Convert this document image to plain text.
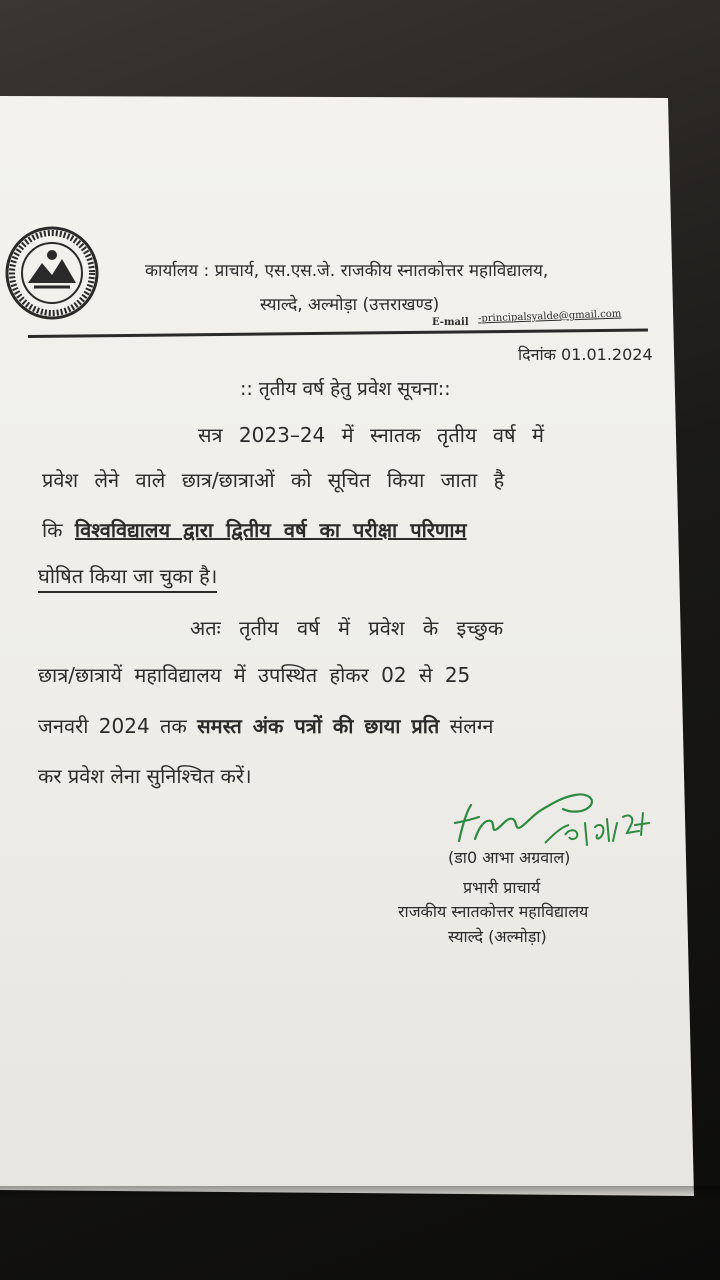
कार्यालय : प्राचार्य, एस.एस.जे. राजकीय स्नातकोत्तर महाविद्यालय,
स्याल्दे, अल्मोड़ा (उत्तराखण्ड)
E-mail -principalsyalde@gmail.com
दिनांक 01.01.2024
:: तृतीय वर्ष हेतु प्रवेश सूचना::
सत्र 2023–24 में स्नातक तृतीय वर्ष में
प्रवेश लेने वाले छात्र/छात्राओं को सूचित किया जाता है
कि विश्वविद्यालय द्वारा द्वितीय वर्ष का परीक्षा परिणाम
घोषित किया जा चुका है।
अतः तृतीय वर्ष में प्रवेश के इच्छुक
छात्र/छात्रायें महाविद्यालय में उपस्थित होकर 02 से 25
जनवरी 2024 तक समस्त अंक पत्रों की छाया प्रति संलग्न
कर प्रवेश लेना सुनिश्चित करें।
(डा0 आभा अग्रवाल)
प्रभारी प्राचार्य
राजकीय स्नातकोत्तर महाविद्यालय
स्याल्दे (अल्मोड़ा)
